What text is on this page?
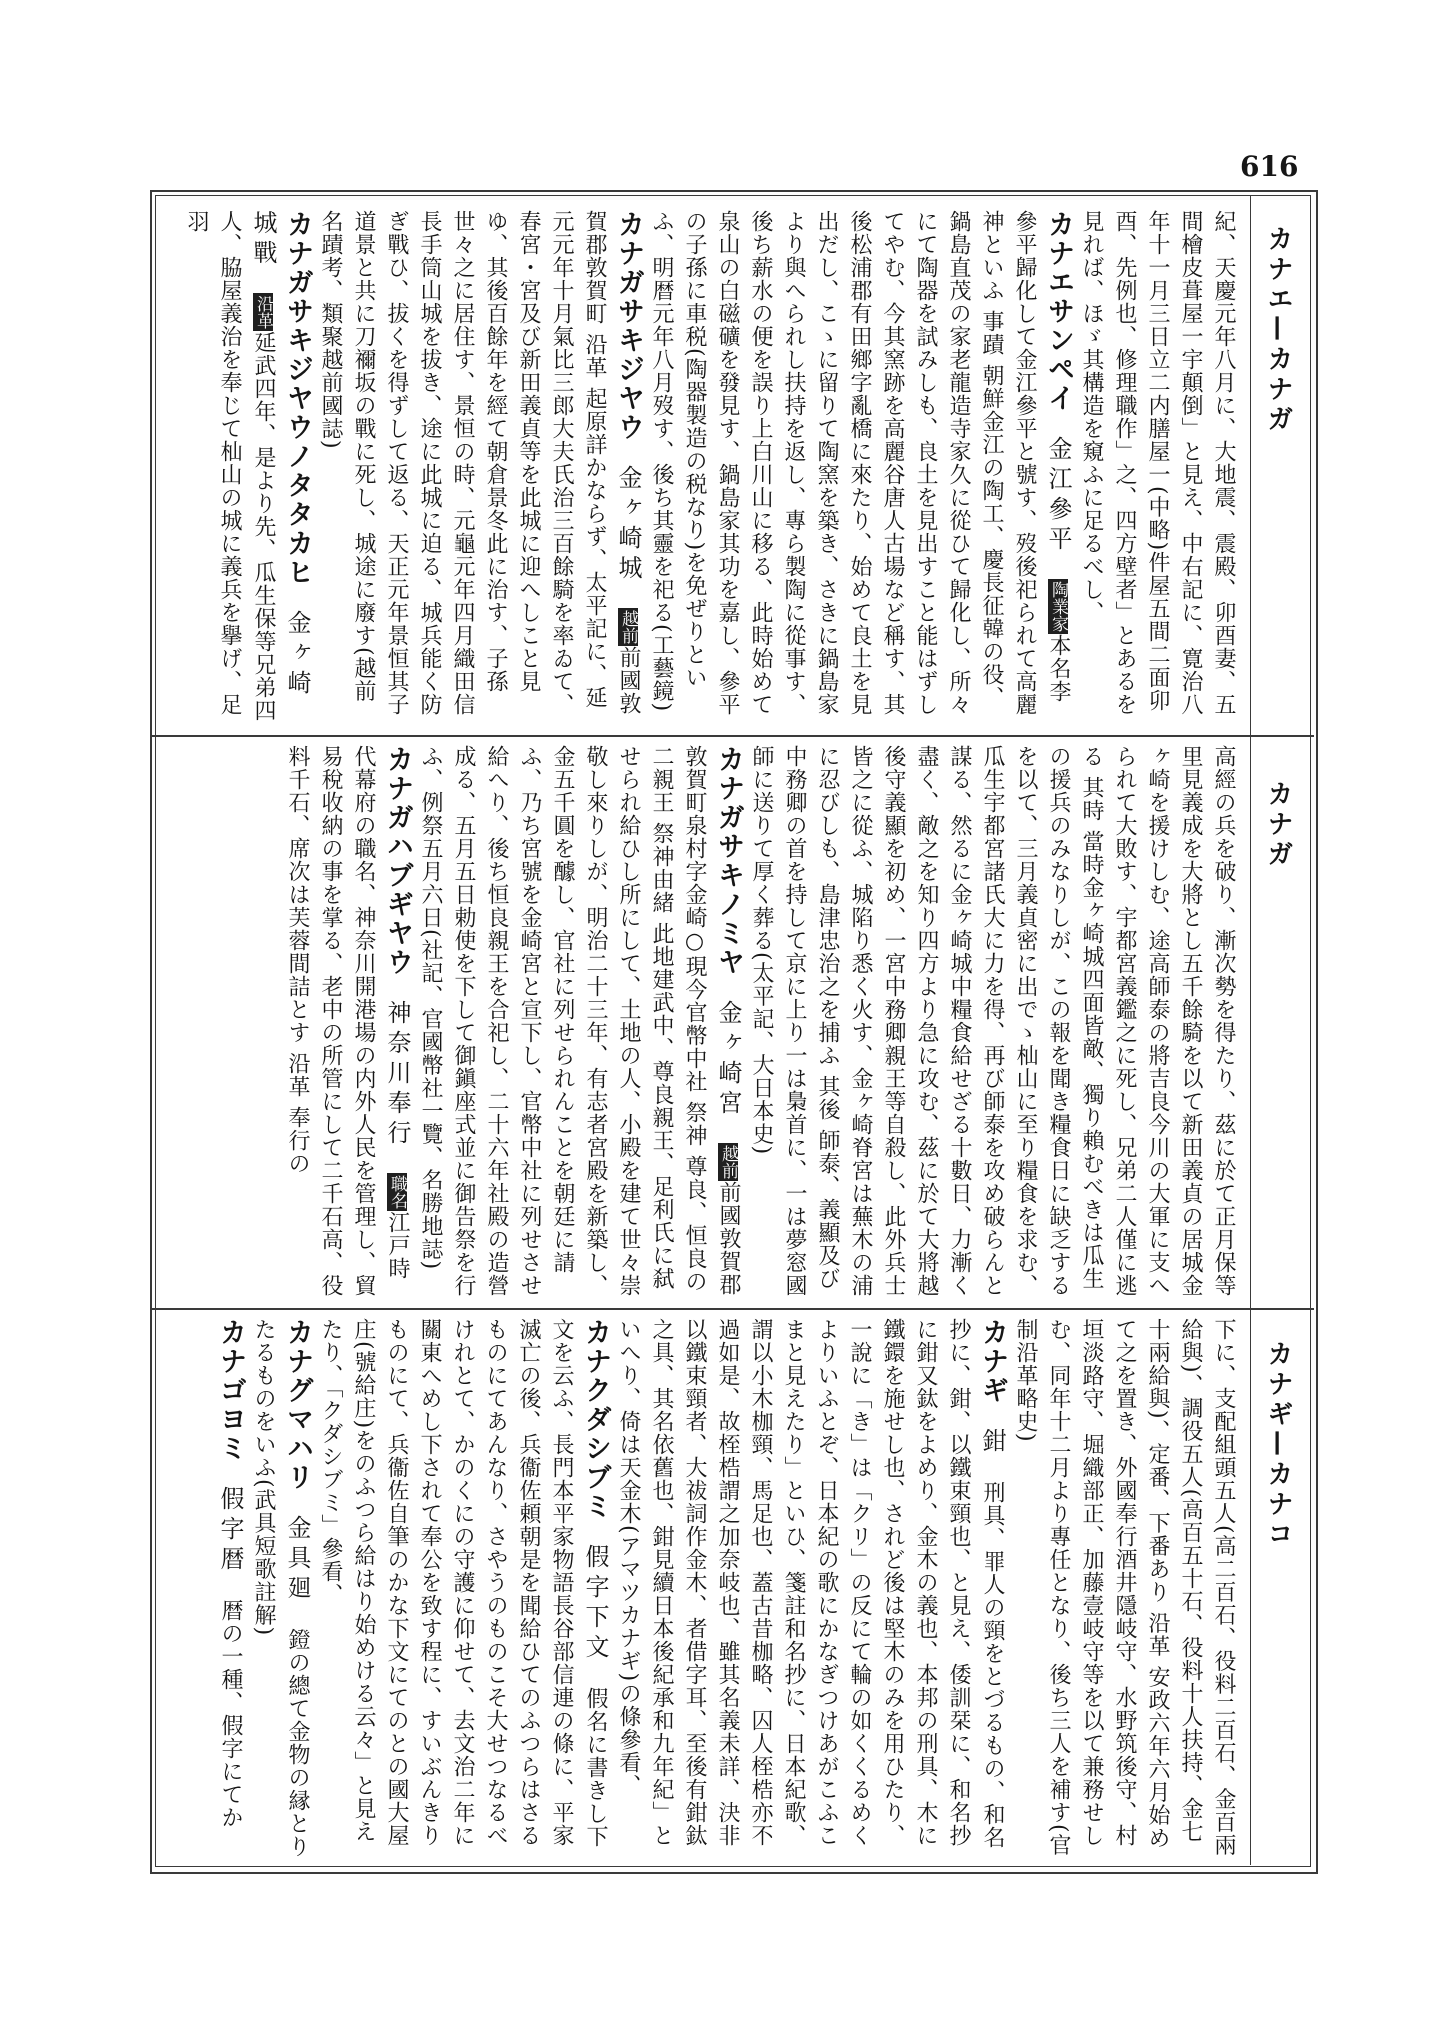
616
カナエ—カナガ
カナガ
カナギ—カナコ

紀、天慶元年八月に、大地震、震殿、卯酉妻、五間檜皮葺屋一宇顛倒」と見え、中右記に、寛治八年十一月三日立二内膳屋一(中略)件屋五間二面卯酉、先例也、修理職作」之、四方壁者」とあるを見れば、ほゞ其構造を窺ふに足るべし、

カナエサンペイ　金江參平　陶業家本名李參平歸化して金江參平と號す、歿後祀られて高麗神といふ 事蹟 朝鮮金江の陶工、慶長征韓の役、鍋島直茂の家老龍造寺家久に從ひて歸化し、所々にて陶器を試みしも、良土を見出すこと能はずしてやむ、今其窯跡を高麗谷唐人古場など稱す、其後松浦郡有田鄉字亂橋に來たり、始めて良土を見出だし、こゝに留りて陶窯を築き、さきに鍋島家より與へられし扶持を返し、專ら製陶に從事す、後ち薪水の便を誤り上白川山に移る、此時始めて泉山の白磁礦を發見す、鍋島家其功を嘉し、參平の子孫に車税(陶器製造の税なり)を免ぜりといふ、明暦元年八月歿す、後ち其靈を祀る(工藝鏡)

カナガサキジヤウ　金ヶ崎城　越前前國敦賀郡敦賀町 沿革 起原詳かならず、太平記に、延元元年十月氣比三郎大夫氏治三百餘騎を率ゐて、春宮・宮及び新田義貞等を此城に迎へしこと見ゆ、其後百餘年を經て朝倉景冬此に治す、子孫世々之に居住す、景恒の時、元龜元年四月織田信長手筒山城を拔き、途に此城に迫る、城兵能く防ぎ戰ひ、拔くを得ずして返る、天正元年景恒其子道景と共に刀禰坂の戰に死し、城途に廢す(越前名蹟考、類聚越前國誌)

カナガサキジヤウノタタカヒ　金ヶ崎城戰　沿革延武四年、是より先、瓜生保等兄弟四人、脇屋義治を奉じて杣山の城に義兵を擧げ、足羽

高經の兵を破り、漸次勢を得たり、茲に於て正月保等里見義成を大將とし五千餘騎を以て新田義貞の居城金ヶ崎を援けしむ、途高師泰の將吉良今川の大軍に支へられて大敗す、宇都宮義鑑之に死し、兄弟二人僅に逃る 其時 當時金ヶ崎城四面皆敵、獨り賴むべきは瓜生の援兵のみなりしが、この報を聞き糧食日に缺乏するを以て、三月義貞密に出でゝ杣山に至り糧食を求む、瓜生宇都宮諸氏大に力を得、再び師泰を攻め破らんと謀る、然るに金ヶ崎城中糧食給せざる十數日、力漸く盡く、敵之を知り四方より急に攻む、茲に於て大將越後守義顯を初め、一宮中務卿親王等自殺し、此外兵士皆之に從ふ、城陷り悉く火す、金ヶ崎脊宮は蕪木の浦に忍びしも、島津忠治之を捕ふ 其後 師泰、義顯及び中務卿の首を持して京に上り一は梟首に、一は夢窓國師に送りて厚く葬る(太平記、大日本史)

カナガサキノミヤ　金ヶ崎宮　越前前國敦賀郡敦賀町泉村字金崎○現今官幣中社 祭神 尊良、恒良の二親王 祭神由緒 此地建武中、尊良親王、足利氏に弑せられ給ひし所にして、土地の人、小殿を建て世々崇敬し來りしが、明治二十三年、有志者宮殿を新築し、金五千圓を醵し、官社に列せられんことを朝廷に請ふ、乃ち宮號を金崎宮と宣下し、官幣中社に列せさせ給へり、後ち恒良親王を合祀し、二十六年社殿の造營成る、五月五日勅使を下して御鎭座式並に御告祭を行ふ、例祭五月六日(社記、官國幣社一覽、名勝地誌)

カナガハブギヤウ　神奈川奉行　職名江戸時代幕府の職名、神奈川開港場の内外人民を管理し、貿易稅收納の事を掌る、老中の所管にして二千石高、役料千石、席次は芙蓉間詰とす 沿革 奉行の

下に、支配組頭五人(高二百石、役料二百石、金百兩給與)、調役五人(高百五十石、役料十人扶持、金七十兩給與)、定番、下番あり 沿革 安政六年六月始めて之を置き、外國奉行酒井隱岐守、水野筑後守、村垣淡路守、堀織部正、加藤壹岐守等を以て兼務せしむ、同年十二月より專任となり、後ち三人を補す(官制沿革略史)

カナギ　鉗　刑具、罪人の頸をとづるもの、和名抄に、鉗、以鐵束頸也、と見え、倭訓栞に、和名抄に鉗又鈦をよめり、金木の義也、本邦の刑具、木に鐵鐶を施せし也、されど後は堅木のみを用ひたり、一說に「き」は「クリ」の反にて輪の如くくるめくよりいふとぞ、日本紀の歌にかなぎつけあがこふこまと見えたり」といひ、箋註和名抄に、日本紀歌、謂以小木枷頸、馬足也、蓋古昔枷略、囚人桎梏亦不過如是、故桎梏謂之加奈岐也、雖其名義未詳、決非以鐵束頸者、大祓詞作金木、者借字耳、至後有鉗鈦之具、其名依舊也、鉗見續日本後紀承和九年紀」といへり、倚は天金木(アマツカナギ)の條參看、

カナクダシブミ　假字下文　假名に書きし下文を云ふ、長門本平家物語長谷部信連の條に、平家滅亡の後、兵衞佐頼朝是を聞給ひてのふつらはさるものにてあんなり、さやうのものこそ大せつなるべけれとて、かのくにの守護に仰せて、去文治二年に關東へめし下されて奉公を致す程に、すいぶんきりものにて、兵衞佐自筆のかな下文にてのとの國大屋庄(號給庄)をのふつら給はり始めける云々」と見えたり、「クダシブミ」參看、

カナグマハリ　金具廻　鐙の總て金物の縁とりたるものをいふ(武具短歌註解)

カナゴヨミ　假字暦　暦の一種、假字にてか
